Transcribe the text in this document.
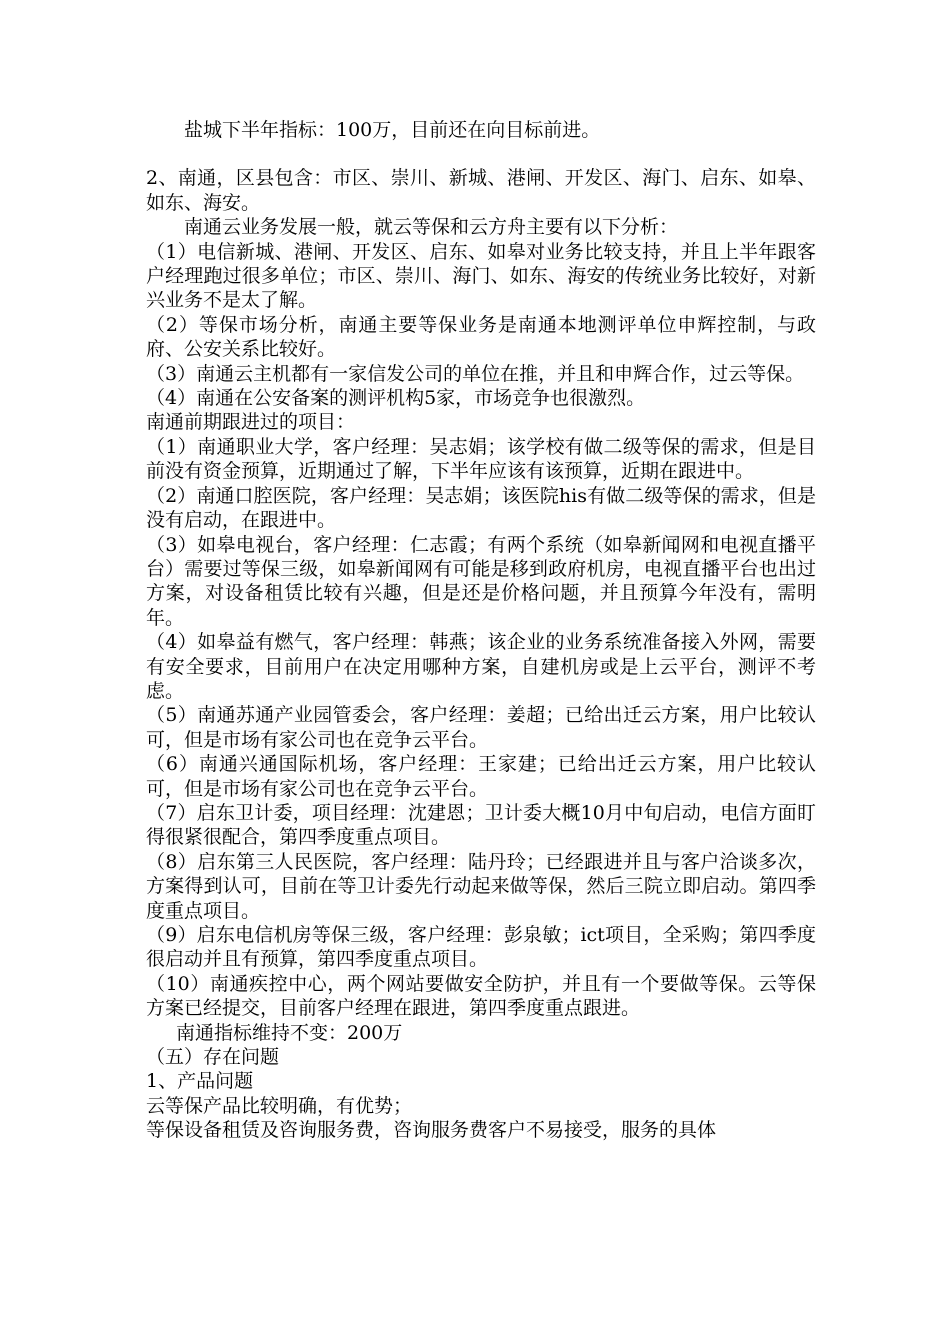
盐城下半年指标：100万，目前还在向目标前进。

2、南通，区县包含：市区、崇川、新城、港闸、开发区、海门、启东、如皋、如东、海安。

南通云业务发展一般，就云等保和云方舟主要有以下分析：

（1）电信新城、港闸、开发区、启东、如皋对业务比较支持，并且上半年跟客户经理跑过很多单位；市区、崇川、海门、如东、海安的传统业务比较好，对新兴业务不是太了解。

（2）等保市场分析，南通主要等保业务是南通本地测评单位申辉控制，与政府、公安关系比较好。

（3）南通云主机都有一家信发公司的单位在推，并且和申辉合作，过云等保。

（4）南通在公安备案的测评机构5家，市场竞争也很激烈。

南通前期跟进过的项目：

（1）南通职业大学，客户经理：吴志娟；该学校有做二级等保的需求，但是目前没有资金预算，近期通过了解，下半年应该有该预算，近期在跟进中。

（2）南通口腔医院，客户经理：吴志娟；该医院his有做二级等保的需求，但是没有启动，在跟进中。

（3）如皋电视台，客户经理：仁志霞；有两个系统（如皋新闻网和电视直播平台）需要过等保三级，如皋新闻网有可能是移到政府机房，电视直播平台也出过方案，对设备租赁比较有兴趣，但是还是价格问题，并且预算今年没有，需明年。

（4）如皋益有燃气，客户经理：韩燕；该企业的业务系统准备接入外网，需要有安全要求，目前用户在决定用哪种方案，自建机房或是上云平台，测评不考虑。

（5）南通苏通产业园管委会，客户经理：姜超；已给出迁云方案，用户比较认可，但是市场有家公司也在竞争云平台。

（6）南通兴通国际机场，客户经理：王家建；已给出迁云方案，用户比较认可，但是市场有家公司也在竞争云平台。

（7）启东卫计委，项目经理：沈建恩；卫计委大概10月中旬启动，电信方面盯得很紧很配合，第四季度重点项目。

（8）启东第三人民医院，客户经理：陆丹玲；已经跟进并且与客户洽谈多次，方案得到认可，目前在等卫计委先行动起来做等保，然后三院立即启动。第四季度重点项目。

（9）启东电信机房等保三级，客户经理：彭泉敏；ict项目，全采购；第四季度很启动并且有预算，第四季度重点项目。

（10）南通疾控中心，两个网站要做安全防护，并且有一个要做等保。云等保方案已经提交，目前客户经理在跟进，第四季度重点跟进。

南通指标维持不变：200万

（五）存在问题

1、产品问题

云等保产品比较明确，有优势；

等保设备租赁及咨询服务费，咨询服务费客户不易接受，服务的具体
